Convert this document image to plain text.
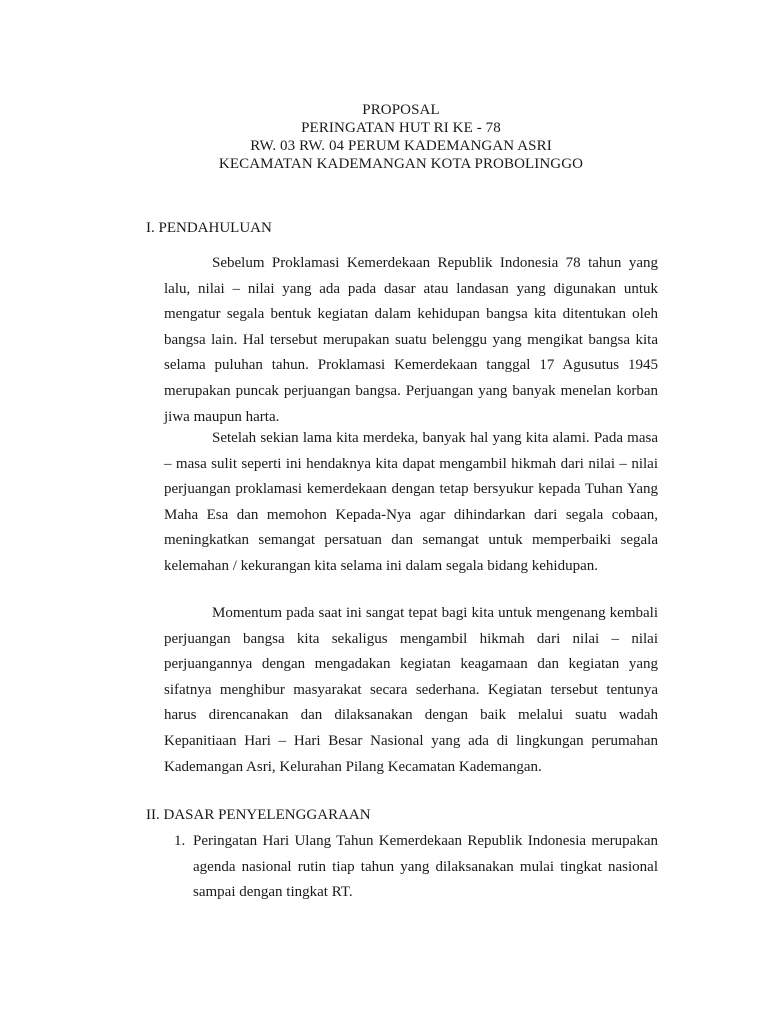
PROPOSAL
PERINGATAN HUT RI KE - 78
RW. 03 RW. 04 PERUM KADEMANGAN ASRI
KECAMATAN KADEMANGAN KOTA PROBOLINGGO
I. PENDAHULUAN

Sebelum Proklamasi Kemerdekaan Republik Indonesia 78 tahun yang lalu, nilai – nilai yang ada pada dasar atau landasan yang digunakan untuk mengatur segala bentuk kegiatan dalam kehidupan bangsa kita ditentukan oleh bangsa lain. Hal tersebut merupakan suatu belenggu yang mengikat bangsa kita selama puluhan tahun. Proklamasi Kemerdekaan tanggal 17 Agusutus 1945 merupakan puncak perjuangan bangsa. Perjuangan yang banyak menelan korban jiwa maupun harta.

Setelah sekian lama kita merdeka, banyak hal yang kita alami. Pada masa – masa sulit seperti ini hendaknya kita dapat mengambil hikmah dari nilai – nilai perjuangan proklamasi kemerdekaan dengan tetap bersyukur kepada Tuhan Yang Maha Esa dan memohon Kepada-Nya agar dihindarkan dari segala cobaan, meningkatkan semangat persatuan dan semangat untuk memperbaiki segala kelemahan / kekurangan kita selama ini dalam segala bidang kehidupan.

Momentum pada saat ini sangat tepat bagi kita untuk mengenang kembali perjuangan bangsa kita sekaligus mengambil hikmah dari nilai – nilai perjuangannya dengan mengadakan kegiatan keagamaan dan kegiatan yang sifatnya menghibur masyarakat secara sederhana. Kegiatan tersebut tentunya harus direncanakan dan dilaksanakan dengan baik melalui suatu wadah Kepanitiaan Hari – Hari Besar Nasional yang ada di lingkungan perumahan Kademangan Asri, Kelurahan Pilang Kecamatan Kademangan.

II. DASAR PENYELENGGARAAN
1. Peringatan Hari Ulang Tahun Kemerdekaan Republik Indonesia merupakan agenda nasional rutin tiap tahun yang dilaksanakan mulai tingkat nasional sampai dengan tingkat RT.
